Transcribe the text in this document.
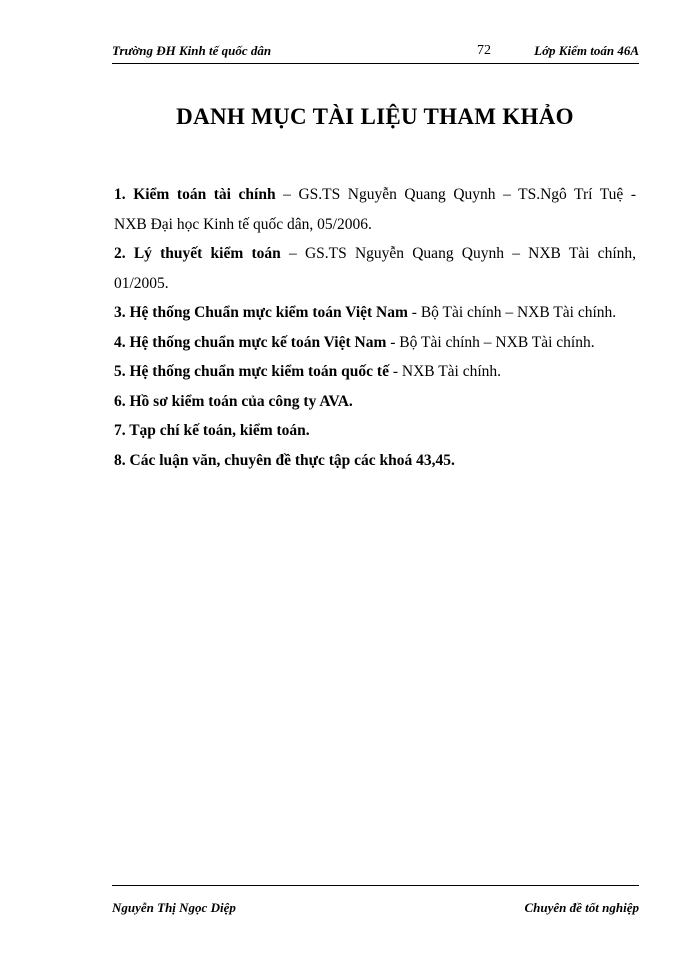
Trường ĐH Kinh tế quốc dân	72	Lớp Kiểm toán 46A
DANH MỤC TÀI LIỆU THAM KHẢO
1. Kiểm toán tài chính – GS.TS Nguyễn Quang Quynh – TS.Ngô Trí Tuệ -
NXB Đại học Kinh tế quốc dân, 05/2006.
2. Lý thuyết kiểm toán – GS.TS Nguyễn Quang Quynh – NXB Tài chính,
01/2005.
3. Hệ thống Chuẩn mực kiểm toán Việt Nam - Bộ Tài chính – NXB Tài chính.
4. Hệ thống chuẩn mực kế toán Việt Nam - Bộ Tài chính – NXB Tài chính.
5. Hệ thống chuẩn mực kiểm toán quốc tế - NXB Tài chính.
6. Hồ sơ kiểm toán của công ty AVA.
7. Tạp chí kế toán, kiểm toán.
8. Các luận văn, chuyên đề thực tập các khoá 43,45.
Nguyễn Thị Ngọc Diệp	Chuyên đề tốt nghiệp
